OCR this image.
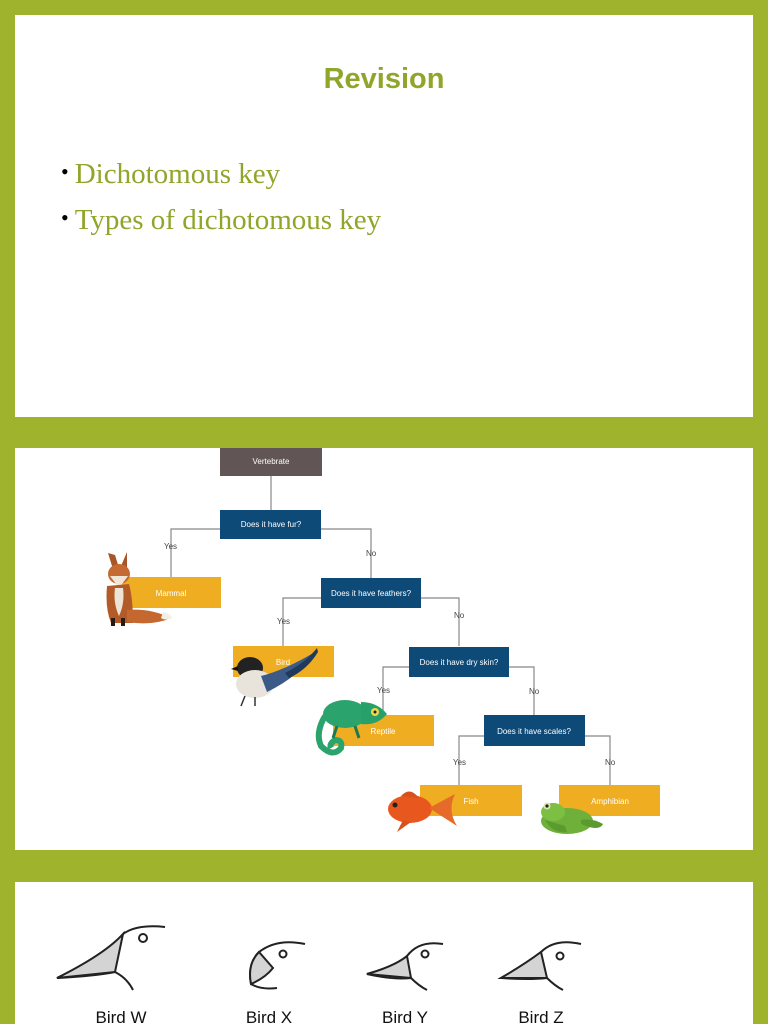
Revision
• Dichotomous key
• Types of dichotomous key
Vertebrate
Does it have fur?
Does it have feathers?
Does it have dry skin?
Does it have scales?
Mammal
Bird
Reptile
Fish	Amphibian
Yes
No
Yes
No
Yes	No
Yes	No
Bird W	Bird X	Bird Y	Bird Z
